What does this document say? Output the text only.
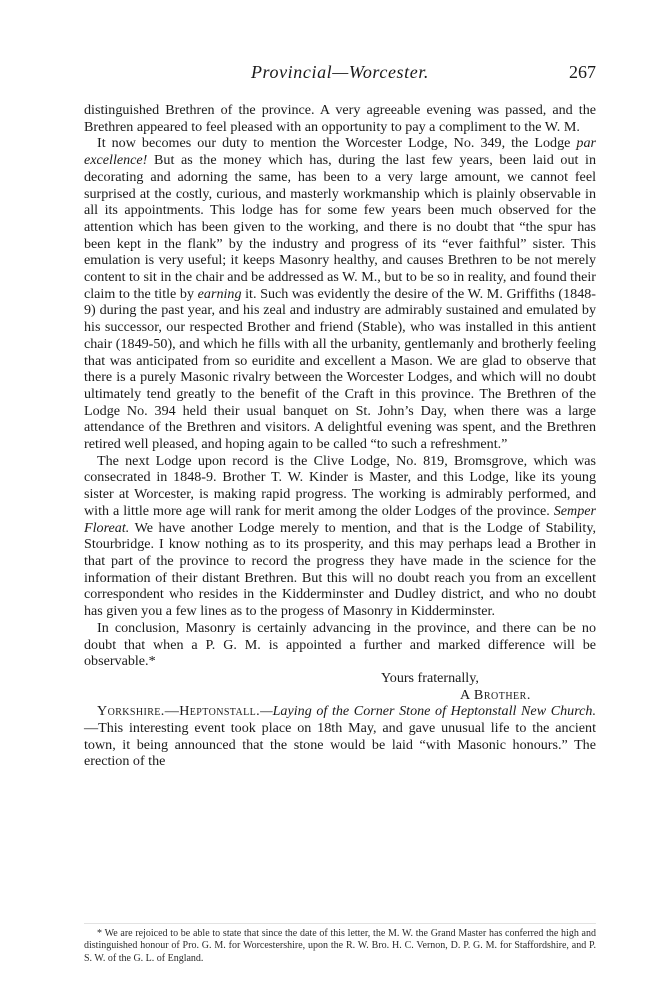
Provincial—Worcester.	267

distinguished Brethren of the province. A very agreeable evening was passed, and the Brethren appeared to feel pleased with an opportunity to pay a compliment to the W. M.

It now becomes our duty to mention the Worcester Lodge, No. 349, the Lodge par excellence! But as the money which has, during the last few years, been laid out in decorating and adorning the same, has been to a very large amount, we cannot feel surprised at the costly, curious, and masterly workmanship which is plainly observable in all its appointments. This lodge has for some few years been much observed for the attention which has been given to the working, and there is no doubt that “the spur has been kept in the flank” by the industry and progress of its “ever faithful” sister. This emulation is very useful; it keeps Masonry healthy, and causes Brethren to be not merely content to sit in the chair and be addressed as W. M., but to be so in reality, and found their claim to the title by earning it. Such was evidently the desire of the W. M. Griffiths (1848-9) during the past year, and his zeal and industry are admirably sustained and emulated by his successor, our respected Brother and friend (Stable), who was installed in this antient chair (1849-50), and which he fills with all the urbanity, gentlemanly and brotherly feeling that was anticipated from so euridite and excellent a Mason. We are glad to observe that there is a purely Masonic rivalry between the Worcester Lodges, and which will no doubt ultimately tend greatly to the benefit of the Craft in this province. The Brethren of the Lodge No. 394 held their usual banquet on St. John’s Day, when there was a large attendance of the Brethren and visitors. A delightful evening was spent, and the Brethren retired well pleased, and hoping again to be called “to such a refreshment.”

The next Lodge upon record is the Clive Lodge, No. 819, Bromsgrove, which was consecrated in 1848-9. Brother T. W. Kinder is Master, and this Lodge, like its young sister at Worcester, is making rapid progress. The working is admirably performed, and with a little more age will rank for merit among the older Lodges of the province. Semper Floreat. We have another Lodge merely to mention, and that is the Lodge of Stability, Stourbridge. I know nothing as to its prosperity, and this may perhaps lead a Brother in that part of the province to record the progress they have made in the science for the information of their distant Brethren. But this will no doubt reach you from an excellent correspondent who resides in the Kidderminster and Dudley district, and who no doubt has given you a few lines as to the progess of Masonry in Kidderminster.

In conclusion, Masonry is certainly advancing in the province, and there can be no doubt that when a P. G. M. is appointed a further and marked difference will be observable.*

Yours fraternally,
A Brother.

Yorkshire.—Heptonstall.—Laying of the Corner Stone of Heptonstall New Church.—This interesting event took place on 18th May, and gave unusual life to the ancient town, it being announced that the stone would be laid “with Masonic honours.” The erection of the

* We are rejoiced to be able to state that since the date of this letter, the M. W. the Grand Master has conferred the high and distinguished honour of Pro. G. M. for Worcestershire, upon the R. W. Bro. H. C. Vernon, D. P. G. M. for Staffordshire, and P. S. W. of the G. L. of England.
